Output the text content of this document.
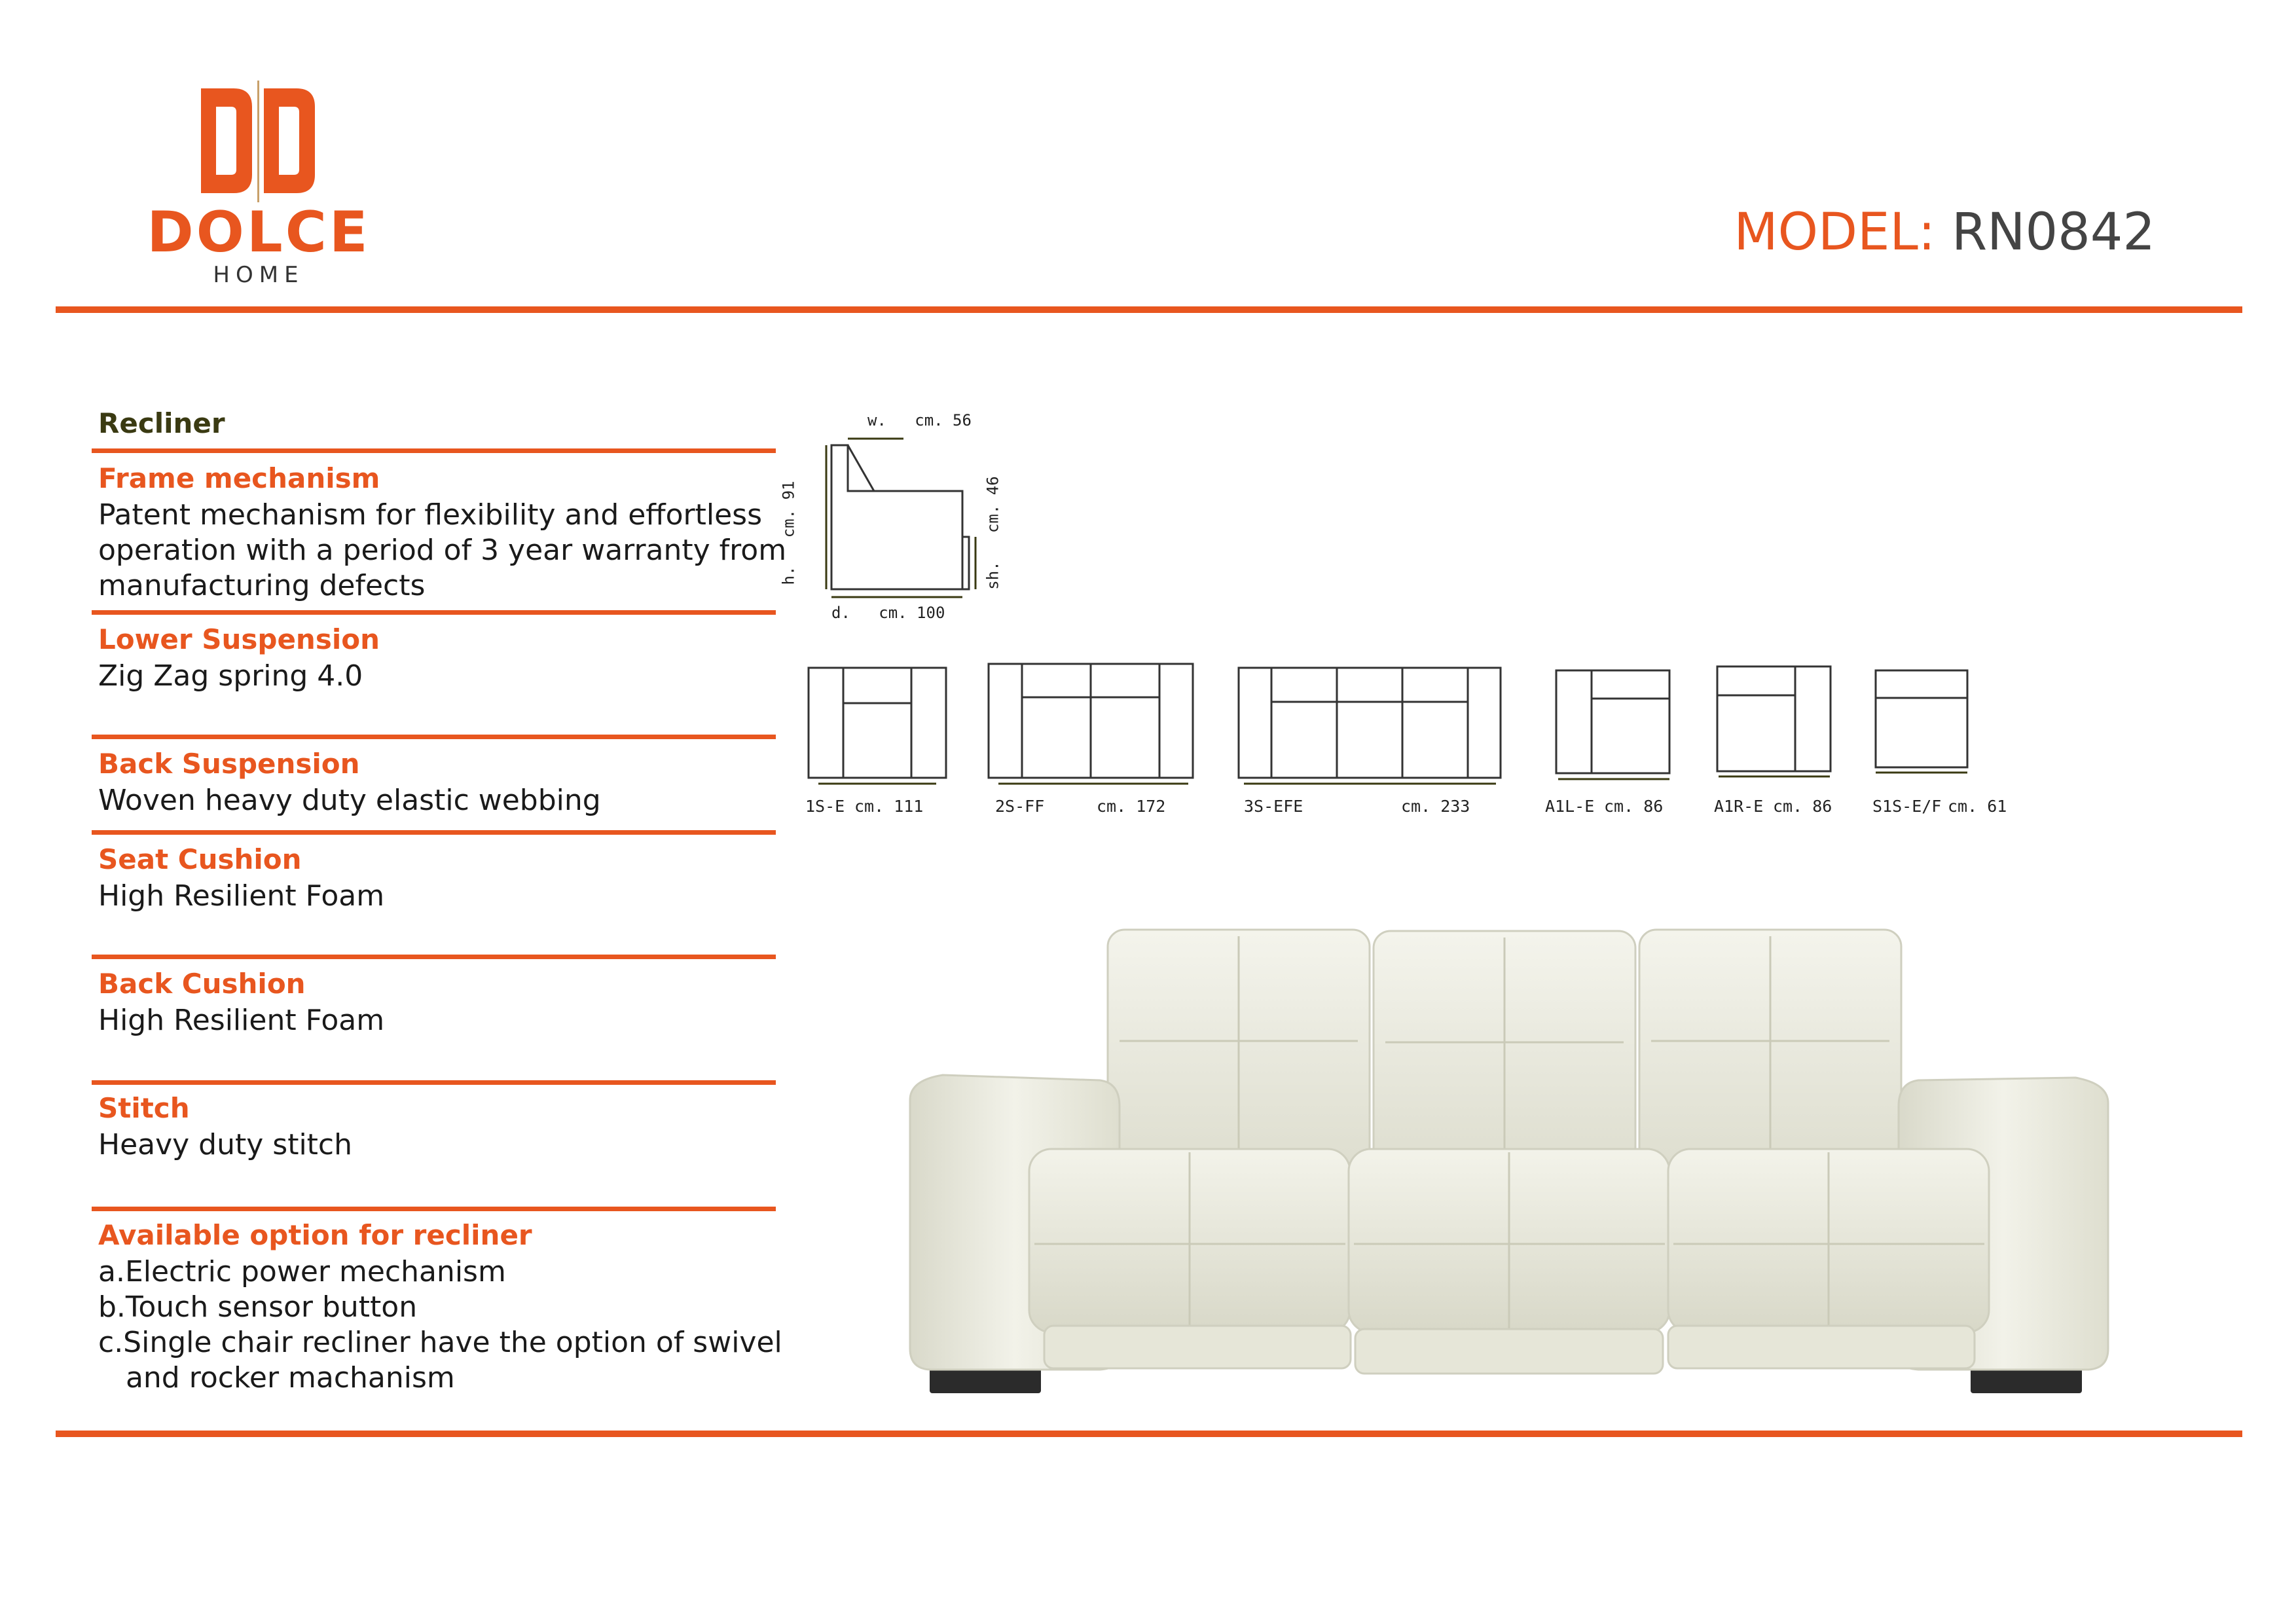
DOLCE
HOME
MODEL: RN0842
Recliner
Frame mechanism
Patent mechanism for flexibility and effortless
operation with a period of 3 year warranty from
manufacturing defects
Lower Suspension
Zig Zag spring 4.0
Back Suspension
Woven heavy duty elastic webbing
Seat Cushion
High Resilient Foam
Back Cushion
High Resilient Foam
Stitch
Heavy duty stitch
Available option for recliner
a.Electric power mechanism
b.Touch sensor button
c.Single chair recliner have the option of swivel
and rocker machanism
w.   cm. 56
d.   cm. 100
h.   cm. 91	sh.   cm. 46
1S-E cm. 111	2S-FF	cm. 172	3S-EFE	cm. 233	A1L-E cm. 86	A1R-E cm. 86 S1S-E/F cm. 61
